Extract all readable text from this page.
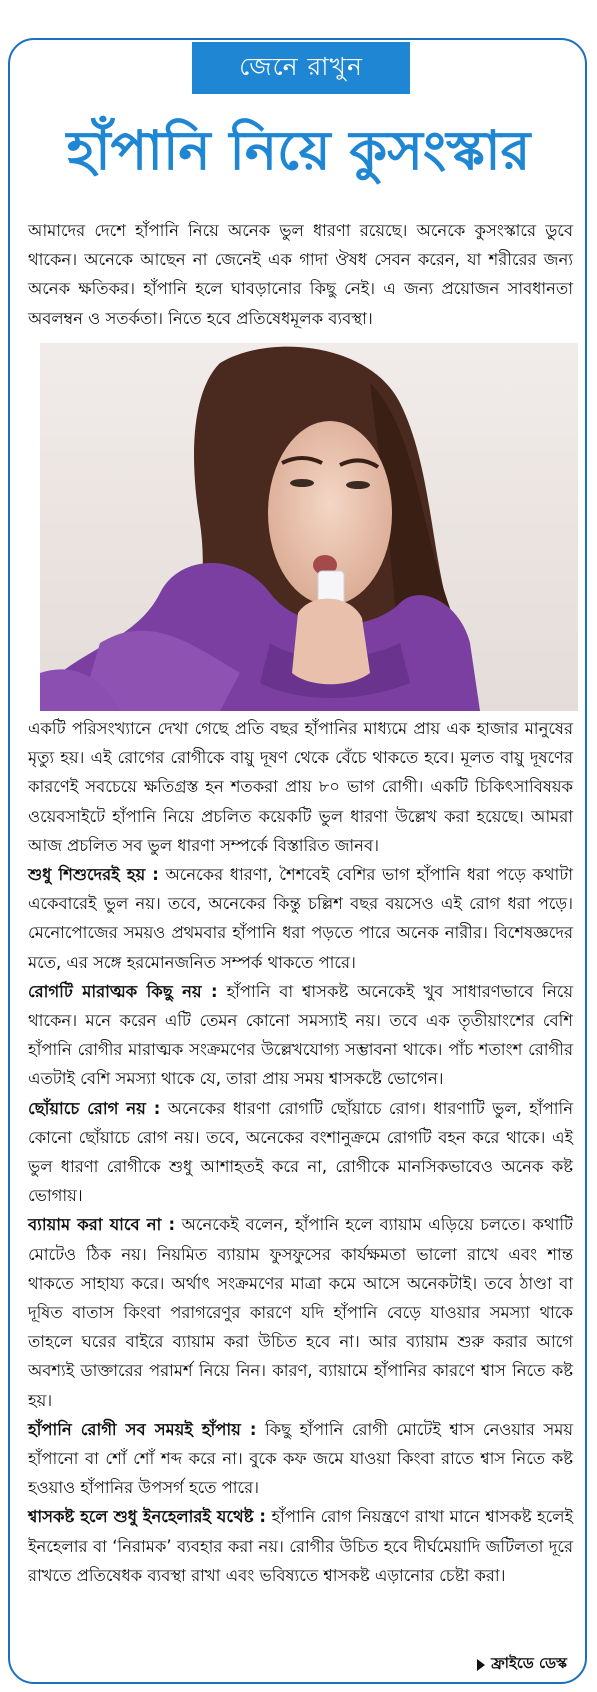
জেনে রাখুন
হাঁপানি নিয়ে কুসংস্কার

আমাদের দেশে হাঁপানি নিয়ে অনেক ভুল ধারণা রয়েছে। অনেকে কুসংস্কারে ডুবে থাকেন। অনেকে আছেন না জেনেই এক গাদা ঔষধ সেবন করেন, যা শরীরের জন্য অনেক ক্ষতিকর। হাঁপানি হলে ঘাবড়ানোর কিছু নেই। এ জন্য প্রয়োজন সাবধানতা অবলম্বন ও সতর্কতা। নিতে হবে প্রতিষেধমূলক ব্যবস্থা।

একটি পরিসংখ্যানে দেখা গেছে প্রতি বছর হাঁপানির মাধ্যমে প্রায় এক হাজার মানুষের মৃত্যু হয়। এই রোগের রোগীকে বায়ু দূষণ থেকে বেঁচে থাকতে হবে। মূলত বায়ু দূষণের কারণেই সবচেয়ে ক্ষতিগ্রস্ত হন শতকরা প্রায় ৮০ ভাগ রোগী। একটি চিকিৎসাবিষয়ক ওয়েবসাইটে হাঁপানি নিয়ে প্রচলিত কয়েকটি ভুল ধারণা উল্লেখ করা হয়েছে। আমরা আজ প্রচলিত সব ভুল ধারণা সম্পর্কে বিস্তারিত জানব।

শুধু শিশুদেরই হয় : অনেকের ধারণা, শৈশবেই বেশির ভাগ হাঁপানি ধরা পড়ে কথাটা একেবারেই ভুল নয়। তবে, অনেকের কিন্তু চল্লিশ বছর বয়সেও এই রোগ ধরা পড়ে। মেনোপোজের সময়ও প্রথমবার হাঁপানি ধরা পড়তে পারে অনেক নারীর। বিশেষজ্ঞদের মতে, এর সঙ্গে হরমোনজনিত সম্পর্ক থাকতে পারে।

রোগটি মারাত্মক কিছু নয় : হাঁপানি বা শ্বাসকষ্ট অনেকেই খুব সাধারণভাবে নিয়ে থাকেন। মনে করেন এটি তেমন কোনো সমস্যাই নয়। তবে এক তৃতীয়াংশের বেশি হাঁপানি রোগীর মারাত্মক সংক্রমণের উল্লেখযোগ্য সম্ভাবনা থাকে। পাঁচ শতাংশ রোগীর এতটাই বেশি সমস্যা থাকে যে, তারা প্রায় সময় শ্বাসকষ্টে ভোগেন।

ছোঁয়াচে রোগ নয় : অনেকের ধারণা রোগটি ছোঁয়াচে রোগ। ধারণাটি ভুল, হাঁপানি কোনো ছোঁয়াচে রোগ নয়। তবে, অনেকের বংশানুক্রমে রোগটি বহন করে থাকে। এই ভুল ধারণা রোগীকে শুধু আশাহতই করে না, রোগীকে মানসিকভাবেও অনেক কষ্ট ভোগায়।

ব্যায়াম করা যাবে না : অনেকেই বলেন, হাঁপানি হলে ব্যায়াম এড়িয়ে চলতে। কথাটি মোটেও ঠিক নয়। নিয়মিত ব্যায়াম ফুসফুসের কার্যক্ষমতা ভালো রাখে এবং শান্ত থাকতে সাহায্য করে। অর্থাৎ সংক্রমণের মাত্রা কমে আসে অনেকটাই। তবে ঠাণ্ডা বা দূষিত বাতাস কিংবা পরাগরেণুর কারণে যদি হাঁপানি বেড়ে যাওয়ার সমস্যা থাকে তাহলে ঘরের বাইরে ব্যায়াম করা উচিত হবে না। আর ব্যায়াম শুরু করার আগে অবশ্যই ডাক্তারের পরামর্শ নিয়ে নিন। কারণ, ব্যায়ামে হাঁপানির কারণে শ্বাস নিতে কষ্ট হয়।

হাঁপানি রোগী সব সময়ই হাঁপায় : কিছু হাঁপানি রোগী মোটেই শ্বাস নেওয়ার সময় হাঁপানো বা শোঁ শোঁ শব্দ করে না। বুকে কফ জমে যাওয়া কিংবা রাতে শ্বাস নিতে কষ্ট হওয়াও হাঁপানির উপসর্গ হতে পারে।

শ্বাসকষ্ট হলে শুধু ইনহেলারই যথেষ্ট : হাঁপানি রোগ নিয়ন্ত্রণে রাখা মানে শ্বাসকষ্ট হলেই ইনহেলার বা ‘নিরামক’ ব্যবহার করা নয়। রোগীর উচিত হবে দীর্ঘমেয়াদি জটিলতা দূরে রাখতে প্রতিষেধক ব্যবস্থা রাখা এবং ভবিষ্যতে শ্বাসকষ্ট এড়ানোর চেষ্টা করা।

ফ্রাইডে ডেস্ক
